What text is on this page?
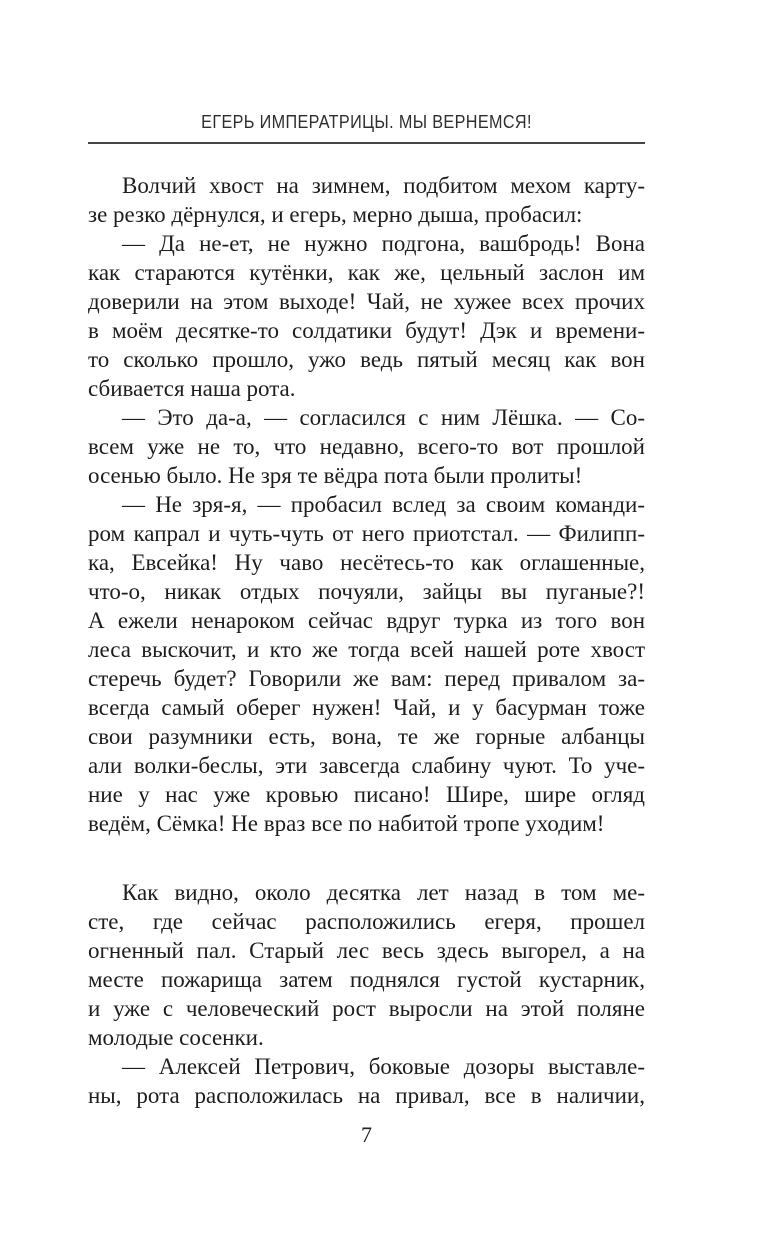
ЕГЕРЬ ИМПЕРАТРИЦЫ. МЫ ВЕРНЕМСЯ!
Волчий хвост на зимнем, подбитом мехом карту-
зе резко дёрнулся, и егерь, мерно дыша, пробасил:
— Да не-ет, не нужно подгона, вашбродь! Вона
как стараются кутёнки, как же, цельный заслон им
доверили на этом выходе! Чай, не хужее всех прочих
в моём десятке-то солдатики будут! Дэк и времени-
то сколько прошло, ужо ведь пятый месяц как вон
сбивается наша рота.
— Это да-а, — согласился с ним Лёшка. — Со-
всем уже не то, что недавно, всего-то вот прошлой
осенью было. Не зря те вёдра пота были пролиты!
— Не зря-я, — пробасил вслед за своим команди-
ром капрал и чуть-чуть от него приотстал. — Филипп-
ка, Евсейка! Ну чаво несётесь-то как оглашенные,
что-о, никак отдых почуяли, зайцы вы пуганые?!
А ежели ненароком сейчас вдруг турка из того вон
леса выскочит, и кто же тогда всей нашей роте хвост
стеречь будет? Говорили же вам: перед привалом за-
всегда самый оберег нужен! Чай, и у басурман тоже
свои разумники есть, вона, те же горные албанцы
али волки-беслы, эти завсегда слабину чуют. То уче-
ние у нас уже кровью писано! Шире, шире огляд
ведём, Сёмка! Не враз все по набитой тропе уходим!
Как видно, около десятка лет назад в том ме-
сте, где сейчас расположились егеря, прошел
огненный пал. Старый лес весь здесь выгорел, а на
месте пожарища затем поднялся густой кустарник,
и уже с человеческий рост выросли на этой поляне
молодые сосенки.
— Алексей Петрович, боковые дозоры выставле-
ны, рота расположилась на привал, все в наличии,
7
